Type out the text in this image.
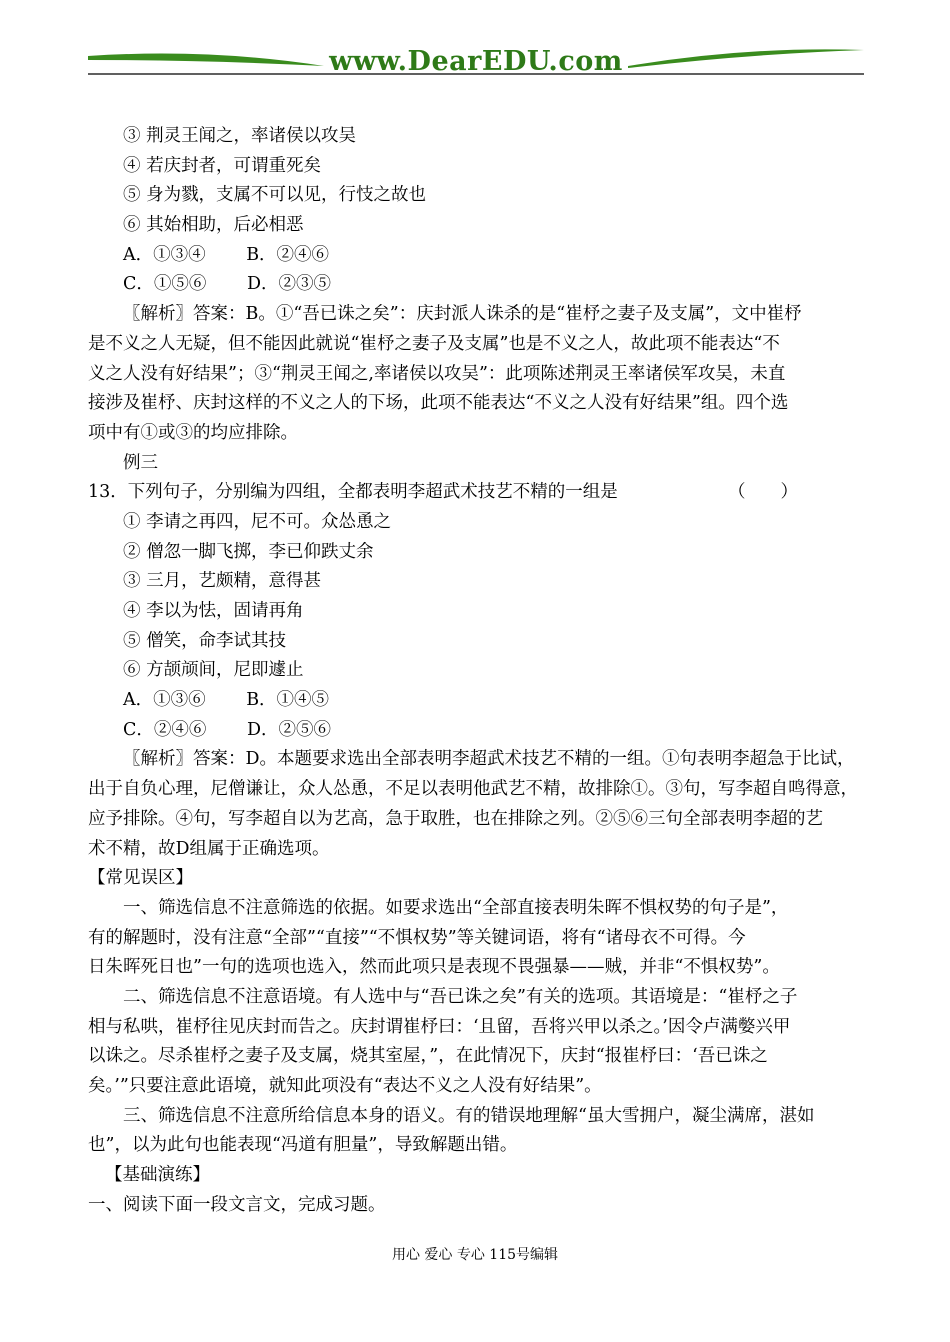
www.DearEDU.com
③ 荆灵王闻之，率诸侯以攻吴
④ 若庆封者，可谓重死矣
⑤ 身为戮，支属不可以见，行忮之故也
⑥ 其始相助，后必相恶
A．①③④　　 B．②④⑥
C．①⑤⑥　　 D．②③⑤
〖解析〗答案：B。①“吾已诛之矣”：庆封派人诛杀的是“崔杼之妻子及支属”，文中崔杼
是不义之人无疑，但不能因此就说“崔杼之妻子及支属”也是不义之人，故此项不能表达“不
义之人没有好结果”；③“荆灵王闻之,率诸侯以攻吴”：此项陈述荆灵王率诸侯军攻吴，未直
接涉及崔杼、庆封这样的不义之人的下场，此项不能表达“不义之人没有好结果”组。四个选
项中有①或③的均应排除。
例三
13．下列句子，分别编为四组，全都表明李超武术技艺不精的一组是	（　　）
① 李请之再四，尼不可。众怂恿之
② 僧忽一脚飞掷，李已仰跌丈余
③ 三月，艺颇精，意得甚
④ 李以为怯，固请再角
⑤ 僧笑，命李试其技
⑥ 方颉颃间，尼即遽止
A．①③⑥　　 B．①④⑤
C．②④⑥　　 D．②⑤⑥
〖解析〗答案：D。本题要求选出全部表明李超武术技艺不精的一组。①句表明李超急于比试，
出于自负心理，尼僧谦让，众人怂恿，不足以表明他武艺不精，故排除①。③句，写李超自鸣得意，
应予排除。④句，写李超自以为艺高，急于取胜，也在排除之列。②⑤⑥三句全部表明李超的艺
术不精，故D组属于正确选项。
【常见误区】
一、筛选信息不注意筛选的依据。如要求选出“全部直接表明朱晖不惧权势的句子是”，
有的解题时，没有注意“全部”“直接”“不惧权势”等关键词语，将有“诸母衣不可得。今
日朱晖死日也”一句的选项也选入，然而此项只是表现不畏强暴——贼，并非“不惧权势”。
二、筛选信息不注意语境。有人选中与“吾已诛之矣”有关的选项。其语境是：“崔杼之子
相与私哄，崔杼往见庆封而告之。庆封谓崔杼曰：‘且留，吾将兴甲以杀之。’因令卢满嫳兴甲
以诛之。尽杀崔杼之妻子及支属，烧其室屋，”，在此情况下，庆封“报崔杼曰：‘吾已诛之
矣。’”只要注意此语境，就知此项没有“表达不义之人没有好结果”。
三、筛选信息不注意所给信息本身的语义。有的错误地理解“虽大雪拥户，凝尘满席，湛如
也”，以为此句也能表现“冯道有胆量”，导致解题出错。
【基础演练】
一、阅读下面一段文言文，完成习题。
用心 爱心 专心 115号编辑
